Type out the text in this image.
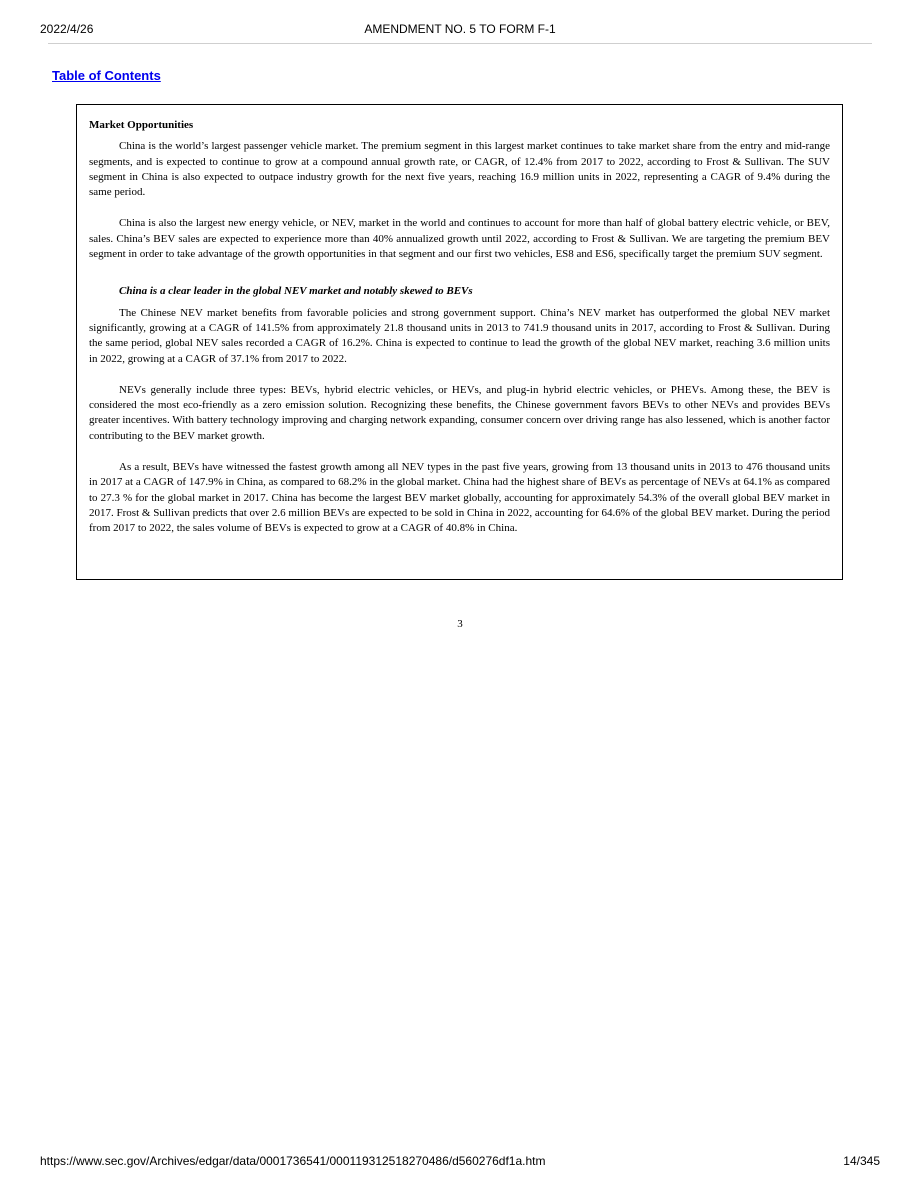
2022/4/26	AMENDMENT NO. 5 TO FORM F-1
Table of Contents
Market Opportunities

China is the world’s largest passenger vehicle market. The premium segment in this largest market continues to take market share from the entry and mid-range segments, and is expected to continue to grow at a compound annual growth rate, or CAGR, of 12.4% from 2017 to 2022, according to Frost & Sullivan. The SUV segment in China is also expected to outpace industry growth for the next five years, reaching 16.9 million units in 2022, representing a CAGR of 9.4% during the same period.

China is also the largest new energy vehicle, or NEV, market in the world and continues to account for more than half of global battery electric vehicle, or BEV, sales. China’s BEV sales are expected to experience more than 40% annualized growth until 2022, according to Frost & Sullivan. We are targeting the premium BEV segment in order to take advantage of the growth opportunities in that segment and our first two vehicles, ES8 and ES6, specifically target the premium SUV segment.

China is a clear leader in the global NEV market and notably skewed to BEVs

The Chinese NEV market benefits from favorable policies and strong government support. China’s NEV market has outperformed the global NEV market significantly, growing at a CAGR of 141.5% from approximately 21.8 thousand units in 2013 to 741.9 thousand units in 2017, according to Frost & Sullivan. During the same period, global NEV sales recorded a CAGR of 16.2%. China is expected to continue to lead the growth of the global NEV market, reaching 3.6 million units in 2022, growing at a CAGR of 37.1% from 2017 to 2022.

NEVs generally include three types: BEVs, hybrid electric vehicles, or HEVs, and plug-in hybrid electric vehicles, or PHEVs. Among these, the BEV is considered the most eco-friendly as a zero emission solution. Recognizing these benefits, the Chinese government favors BEVs to other NEVs and provides BEVs greater incentives. With battery technology improving and charging network expanding, consumer concern over driving range has also lessened, which is another factor contributing to the BEV market growth.

As a result, BEVs have witnessed the fastest growth among all NEV types in the past five years, growing from 13 thousand units in 2013 to 476 thousand units in 2017 at a CAGR of 147.9% in China, as compared to 68.2% in the global market. China had the highest share of BEVs as percentage of NEVs at 64.1% as compared to 27.3 % for the global market in 2017. China has become the largest BEV market globally, accounting for approximately 54.3% of the overall global BEV market in 2017. Frost & Sullivan predicts that over 2.6 million BEVs are expected to be sold in China in 2022, accounting for 64.6% of the global BEV market. During the period from 2017 to 2022, the sales volume of BEVs is expected to grow at a CAGR of 40.8% in China.

3
https://www.sec.gov/Archives/edgar/data/0001736541/000119312518270486/d560276df1a.htm	14/345
